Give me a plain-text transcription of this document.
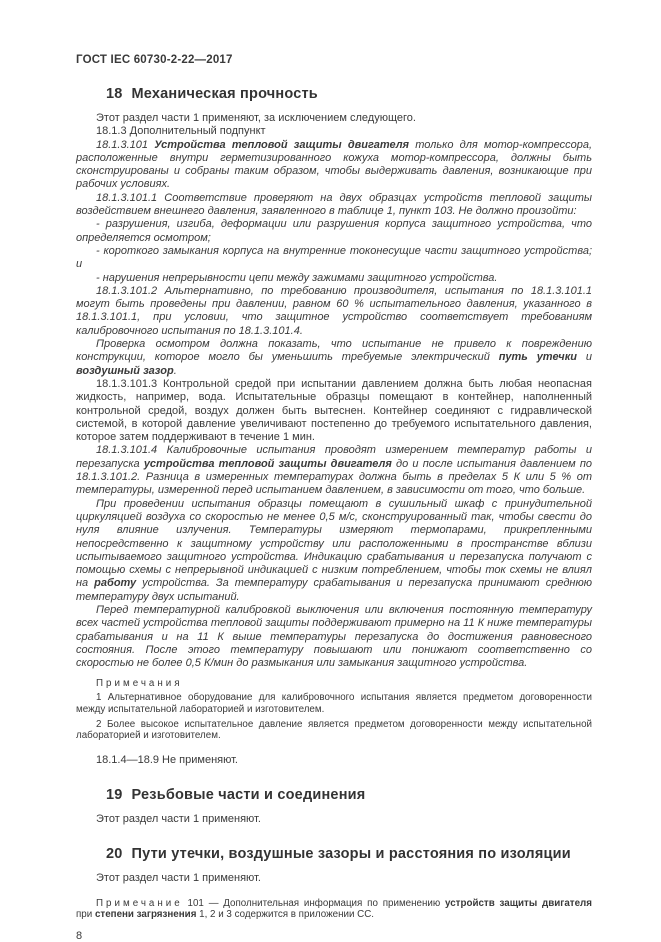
ГОСТ IEC 60730-2-22—2017
18 Механическая прочность

Этот раздел части 1 применяют, за исключением следующего.

18.1.3 Дополнительный подпункт

18.1.3.101 Устройства тепловой защиты двигателя только для мотор-компрессора, расположенные внутри герметизированного кожуха мотор-компрессора, должны быть сконструированы и собраны таким образом, чтобы выдерживать давления, возникающие при рабочих условиях.

18.1.3.101.1 Соответствие проверяют на двух образцах устройств тепловой защиты воздействием внешнего давления, заявленного в таблице 1, пункт 103. Не должно произойти:

- разрушения, изгиба, деформации или разрушения корпуса защитного устройства, что определяется осмотром;

- короткого замыкания корпуса на внутренние токонесущие части защитного устройства; и

- нарушения непрерывности цепи между зажимами защитного устройства.

18.1.3.101.2 Альтернативно, по требованию производителя, испытания по 18.1.3.101.1 могут быть проведены при давлении, равном 60 % испытательного давления, указанного в 18.1.3.101.1, при условии, что защитное устройство соответствует требованиям калибровочного испытания по 18.1.3.101.4.

Проверка осмотром должна показать, что испытание не привело к повреждению конструкции, которое могло бы уменьшить требуемые электрический путь утечки и воздушный зазор.

18.1.3.101.3 Контрольной средой при испытании давлением должна быть любая неопасная жидкость, например, вода. Испытательные образцы помещают в контейнер, наполненный контрольной средой, воздух должен быть вытеснен. Контейнер соединяют с гидравлической системой, в которой давление увеличивают постепенно до требуемого испытательного давления, которое затем поддерживают в течение 1 мин.

18.1.3.101.4 Калибровочные испытания проводят измерением температур работы и перезапуска устройства тепловой защиты двигателя до и после испытания давлением по 18.1.3.101.2. Разница в измеренных температурах должна быть в пределах 5 К или 5 % от температуры, измеренной перед испытанием давлением, в зависимости от того, что больше.

При проведении испытания образцы помещают в сушильный шкаф с принудительной циркуляцией воздуха со скоростью не менее 0,5 м/с, сконструированный так, чтобы свести до нуля влияние излучения. Температуры измеряют термопарами, прикрепленными непосредственно к защитному устройству или расположенными в пространстве вблизи испытываемого защитного устройства. Индикацию срабатывания и перезапуска получают с помощью схемы с непрерывной индикацией с низким потреблением, чтобы ток схемы не влиял на работу устройства. За температуру срабатывания и перезапуска принимают среднюю температуру двух испытаний.

Перед температурной калибровкой выключения или включения постоянную температуру всех частей устройства тепловой защиты поддерживают примерно на 11 К ниже температуры срабатывания и на 11 К выше температуры перезапуска до достижения равновесного состояния. После этого температуру повышают или понижают соответственно со скоростью не более 0,5 К/мин до размыкания или замыкания защитного устройства.

Примечания

1 Альтернативное оборудование для калибровочного испытания является предметом договоренности между испытательной лабораторией и изготовителем.

2 Более высокое испытательное давление является предметом договоренности между испытательной лабораторией и изготовителем.

18.1.4—18.9 Не применяют.

19 Резьбовые части и соединения

Этот раздел части 1 применяют.

20 Пути утечки, воздушные зазоры и расстояния по изоляции

Этот раздел части 1 применяют.

Примечание 101 — Дополнительная информация по применению устройств защиты двигателя при степени загрязнения 1, 2 и 3 содержится в приложении СС.

8
